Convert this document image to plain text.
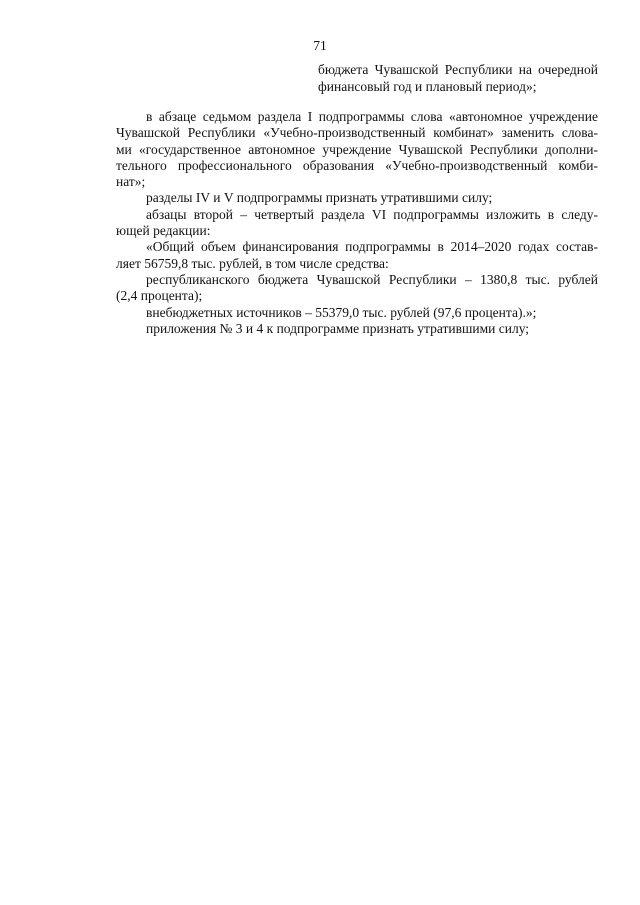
71
бюджета Чувашской Республики на очередной
финансовый год и плановый период»;
в абзаце седьмом раздела I подпрограммы слова «автономное учреждение
Чувашской Республики «Учебно-производственный комбинат» заменить слова-
ми «государственное автономное учреждение Чувашской Республики дополни-
тельного профессионального образования «Учебно-производственный комби-
нат»;
разделы IV и V подпрограммы признать утратившими силу;
абзацы второй – четвертый раздела VI подпрограммы изложить в следу-
ющей редакции:
«Общий объем финансирования подпрограммы в 2014–2020 годах состав-
ляет 56759,8 тыс. рублей, в том числе средства:
республиканского бюджета Чувашской Республики – 1380,8 тыс. рублей
(2,4 процента);
внебюджетных источников – 55379,0 тыс. рублей (97,6 процента).»;
приложения № 3 и 4 к подпрограмме признать утратившими силу;
